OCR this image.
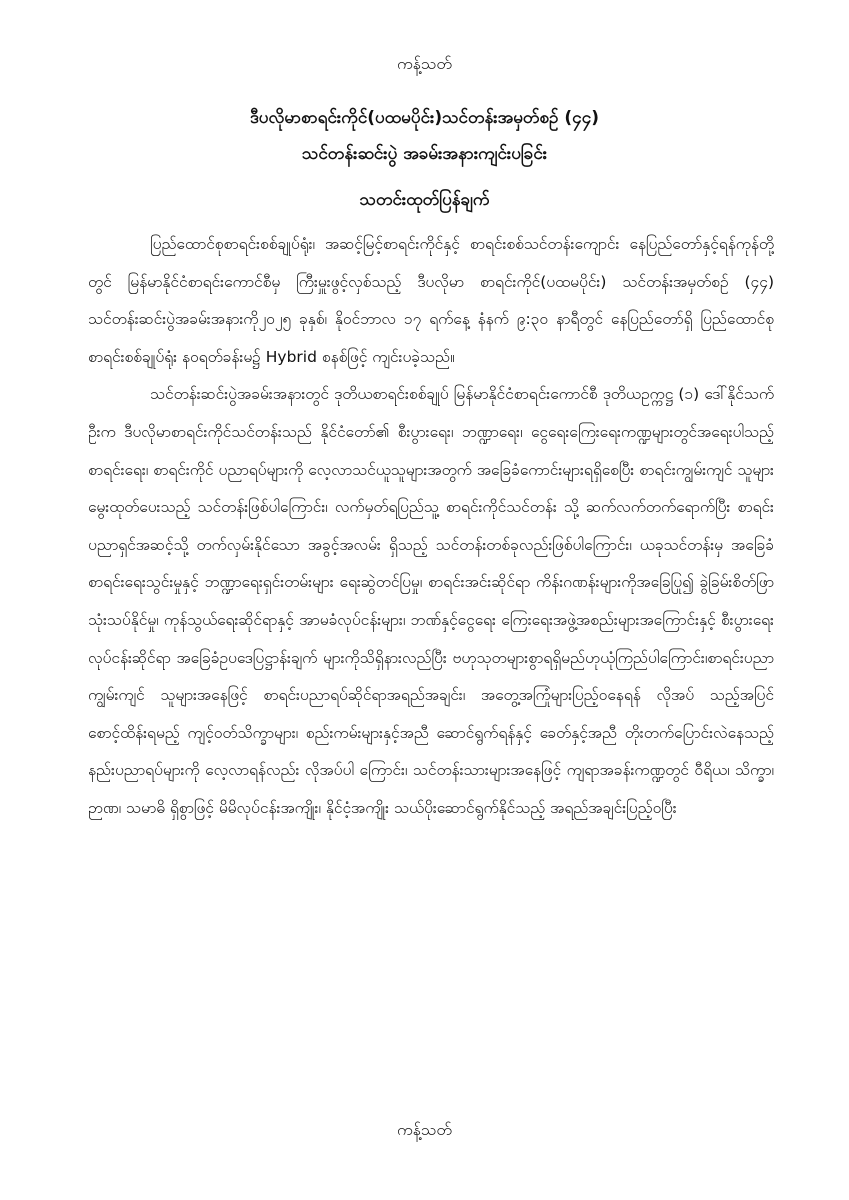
ကန့်သတ်
ဒီပလိုမာစာရင်းကိုင်(ပထမပိုင်း)သင်တန်းအမှတ်စဉ် (၄၄)
သင်တန်းဆင်းပွဲ အခမ်းအနားကျင်းပခြင်း
သတင်းထုတ်ပြန်ချက်

ပြည်ထောင်စုစာရင်းစစ်ချုပ်ရုံး၊ အဆင့်မြင့်စာရင်းကိုင်နှင့် စာရင်းစစ်သင်တန်းကျောင်း နေပြည်တော်နှင့်ရန်ကုန်တို့တွင် မြန်မာနိုင်ငံစာရင်းကောင်စီမှ ကြီးမှူးဖွင့်လှစ်သည့် ဒီပလိုမာ စာရင်းကိုင်(ပထမပိုင်း) သင်တန်းအမှတ်စဉ် (၄၄) သင်တန်းဆင်းပွဲအခမ်းအနားကို၂၀၂၅ ခုနှစ်၊ နိုဝင်ဘာလ ၁၇ ရက်နေ့ နံနက် ၉:၃၀ နာရီတွင် နေပြည်တော်ရှိ ပြည်ထောင်စုစာရင်းစစ်ချုပ်ရုံး နဝရတ်ခန်းမ၌ Hybrid စနစ်ဖြင့် ကျင်းပခဲ့သည်။

သင်တန်းဆင်းပွဲအခမ်းအနားတွင် ဒုတိယစာရင်းစစ်ချုပ် မြန်မာနိုင်ငံစာရင်းကောင်စီ ဒုတိယဥက္ကဋ္ဌ (၁) ဒေါ်နိုင်သက်ဦးက ဒီပလိုမာစာရင်းကိုင်သင်တန်းသည် နိုင်ငံတော်၏ စီးပွားရေး၊ ဘဏ္ဍာရေး၊ ငွေရေးကြေးရေးကဏ္ဍများတွင်အရေးပါသည့် စာရင်းရေး၊ စာရင်းကိုင် ပညာရပ်များကို လေ့လာသင်ယူသူများအတွက် အခြေခံကောင်းများရရှိစေပြီး စာရင်းကျွမ်းကျင် သူများ မွေးထုတ်ပေးသည့် သင်တန်းဖြစ်ပါကြောင်း၊ လက်မှတ်ရပြည်သူ့ စာရင်းကိုင်သင်တန်း သို့ ဆက်လက်တက်ရောက်ပြီး စာရင်းပညာရှင်အဆင့်သို့ တက်လှမ်းနိုင်သော အခွင့်အလမ်း ရှိသည့် သင်တန်းတစ်ခုလည်းဖြစ်ပါကြောင်း၊ ယခုသင်တန်းမှ အခြေခံစာရင်းရေးသွင်းမှုနှင့် ဘဏ္ဍာရေးရှင်းတမ်းများ ရေးဆွဲတင်ပြမှု၊ စာရင်းအင်းဆိုင်ရာ ကိန်းဂဏန်းများကိုအခြေပြု၍ ခွဲခြမ်းစိတ်ဖြာသုံးသပ်နိုင်မှု၊ ကုန်သွယ်ရေးဆိုင်ရာနှင့် အာမခံလုပ်ငန်းများ၊ ဘဏ်နှင့်ငွေရေး ကြေးရေးအဖွဲ့အစည်းများအကြောင်းနှင့် စီးပွားရေးလုပ်ငန်းဆိုင်ရာ အခြေခံဥပဒေပြဋ္ဌာန်းချက် များကိုသိရှိနားလည်ပြီး ဗဟုသုတများစွာရရှိမည်ဟုယုံကြည်ပါကြောင်း၊စာရင်းပညာကျွမ်းကျင် သူများအနေဖြင့် စာရင်းပညာရပ်ဆိုင်ရာအရည်အချင်း၊ အတွေ့အကြုံများပြည့်ဝနေရန် လိုအပ် သည့်အပြင် စောင့်ထိန်းရမည့် ကျင့်ဝတ်သိက္ခာများ၊ စည်းကမ်းများနှင့်အညီ ဆောင်ရွက်ရန်နှင့် ခေတ်နှင့်အညီ တိုးတက်ပြောင်းလဲနေသည့် နည်းပညာရပ်များကို လေ့လာရန်လည်း လိုအပ်ပါ ကြောင်း၊ သင်တန်းသားများအနေဖြင့် ကျရာအခန်းကဏ္ဍတွင် ဝီရိယ၊ သိက္ခာ၊ ဉာဏ၊ သမာဓိ ရှိစွာဖြင့် မိမိလုပ်ငန်းအကျိုး၊ နိုင်ငံ့အကျိုး သယ်ပိုးဆောင်ရွက်နိုင်သည့် အရည်အချင်းပြည့်ဝပြီး

ကန့်သတ်
